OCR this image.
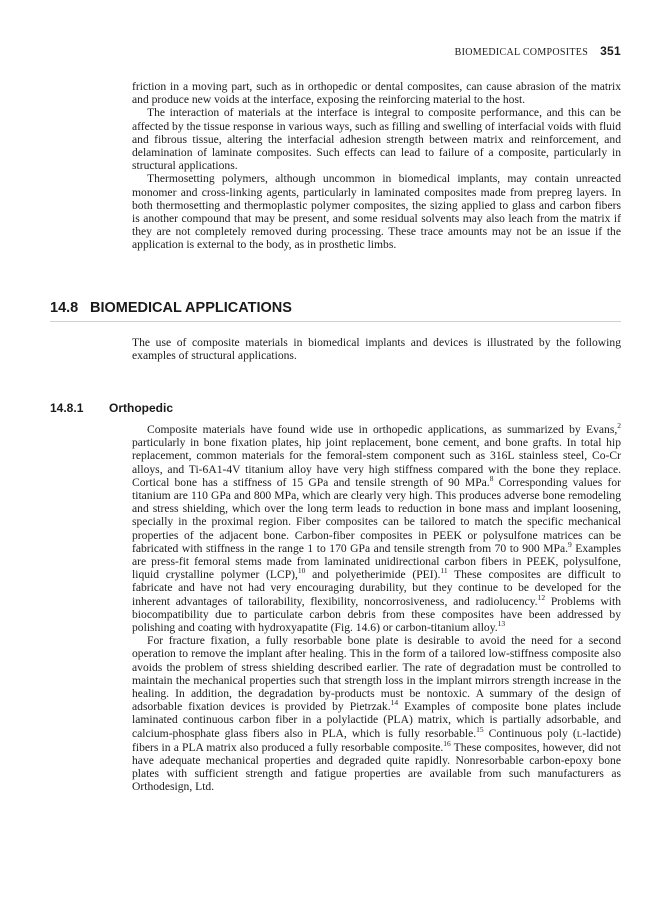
BIOMEDICAL COMPOSITES 351

friction in a moving part, such as in orthopedic or dental composites, can cause abrasion of the matrix and produce new voids at the interface, exposing the reinforcing material to the host.

The interaction of materials at the interface is integral to composite performance, and this can be affected by the tissue response in various ways, such as filling and swelling of interfacial voids with fluid and fibrous tissue, altering the interfacial adhesion strength between matrix and reinforcement, and delamination of laminate composites. Such effects can lead to failure of a composite, particularly in structural applications.

Thermosetting polymers, although uncommon in biomedical implants, may contain unreacted monomer and cross-linking agents, particularly in laminated composites made from prepreg layers. In both thermosetting and thermoplastic polymer composites, the sizing applied to glass and carbon fibers is another compound that may be present, and some residual solvents may also leach from the matrix if they are not completely removed during processing. These trace amounts may not be an issue if the application is external to the body, as in prosthetic limbs.

14.8 BIOMEDICAL APPLICATIONS

The use of composite materials in biomedical implants and devices is illustrated by the following examples of structural applications.

14.8.1 Orthopedic

Composite materials have found wide use in orthopedic applications, as summarized by Evans,$^2$ particularly in bone fixation plates, hip joint replacement, bone cement, and bone grafts. In total hip replacement, common materials for the femoral-stem component such as 316L stainless steel, Co-Cr alloys, and Ti-6A1-4V titanium alloy have very high stiffness compared with the bone they replace. Cortical bone has a stiffness of 15 GPa and tensile strength of 90 MPa.$^8$ Corresponding values for titanium are 110 GPa and 800 MPa, which are clearly very high. This produces adverse bone remodeling and stress shielding, which over the long term leads to reduction in bone mass and implant loosening, specially in the proximal region. Fiber composites can be tailored to match the specific mechanical properties of the adjacent bone. Carbon-fiber composites in PEEK or polysulfone matrices can be fabricated with stiffness in the range 1 to 170 GPa and tensile strength from 70 to 900 MPa.$^9$ Examples are press-fit femoral stems made from laminated unidirectional carbon fibers in PEEK, polysulfone, liquid crystalline polymer (LCP),$^{10}$ and polyetherimide (PEI).$^{11}$ These composites are difficult to fabricate and have not had very encouraging durability, but they continue to be developed for the inherent advantages of tailorability, flexibility, noncorrosiveness, and radiolucency.$^{12}$ Problems with biocompatibility due to particulate carbon debris from these composites have been addressed by polishing and coating with hydroxyapatite (Fig. 14.6) or carbon-titanium alloy.$^{13}$

For fracture fixation, a fully resorbable bone plate is desirable to avoid the need for a second operation to remove the implant after healing. This in the form of a tailored low-stiffness composite also avoids the problem of stress shielding described earlier. The rate of degradation must be controlled to maintain the mechanical properties such that strength loss in the implant mirrors strength increase in the healing. In addition, the degradation by-products must be nontoxic. A summary of the design of adsorbable fixation devices is provided by Pietrzak.$^{14}$ Examples of composite bone plates include laminated continuous carbon fiber in a polylactide (PLA) matrix, which is partially adsorbable, and calcium-phosphate glass fibers also in PLA, which is fully resorbable.$^{15}$ Continuous poly (L-lactide) fibers in a PLA matrix also produced a fully resorbable composite.$^{16}$ These composites, however, did not have adequate mechanical properties and degraded quite rapidly. Nonresorbable carbon-epoxy bone plates with sufficient strength and fatigue properties are available from such manufacturers as Orthodesign, Ltd.
